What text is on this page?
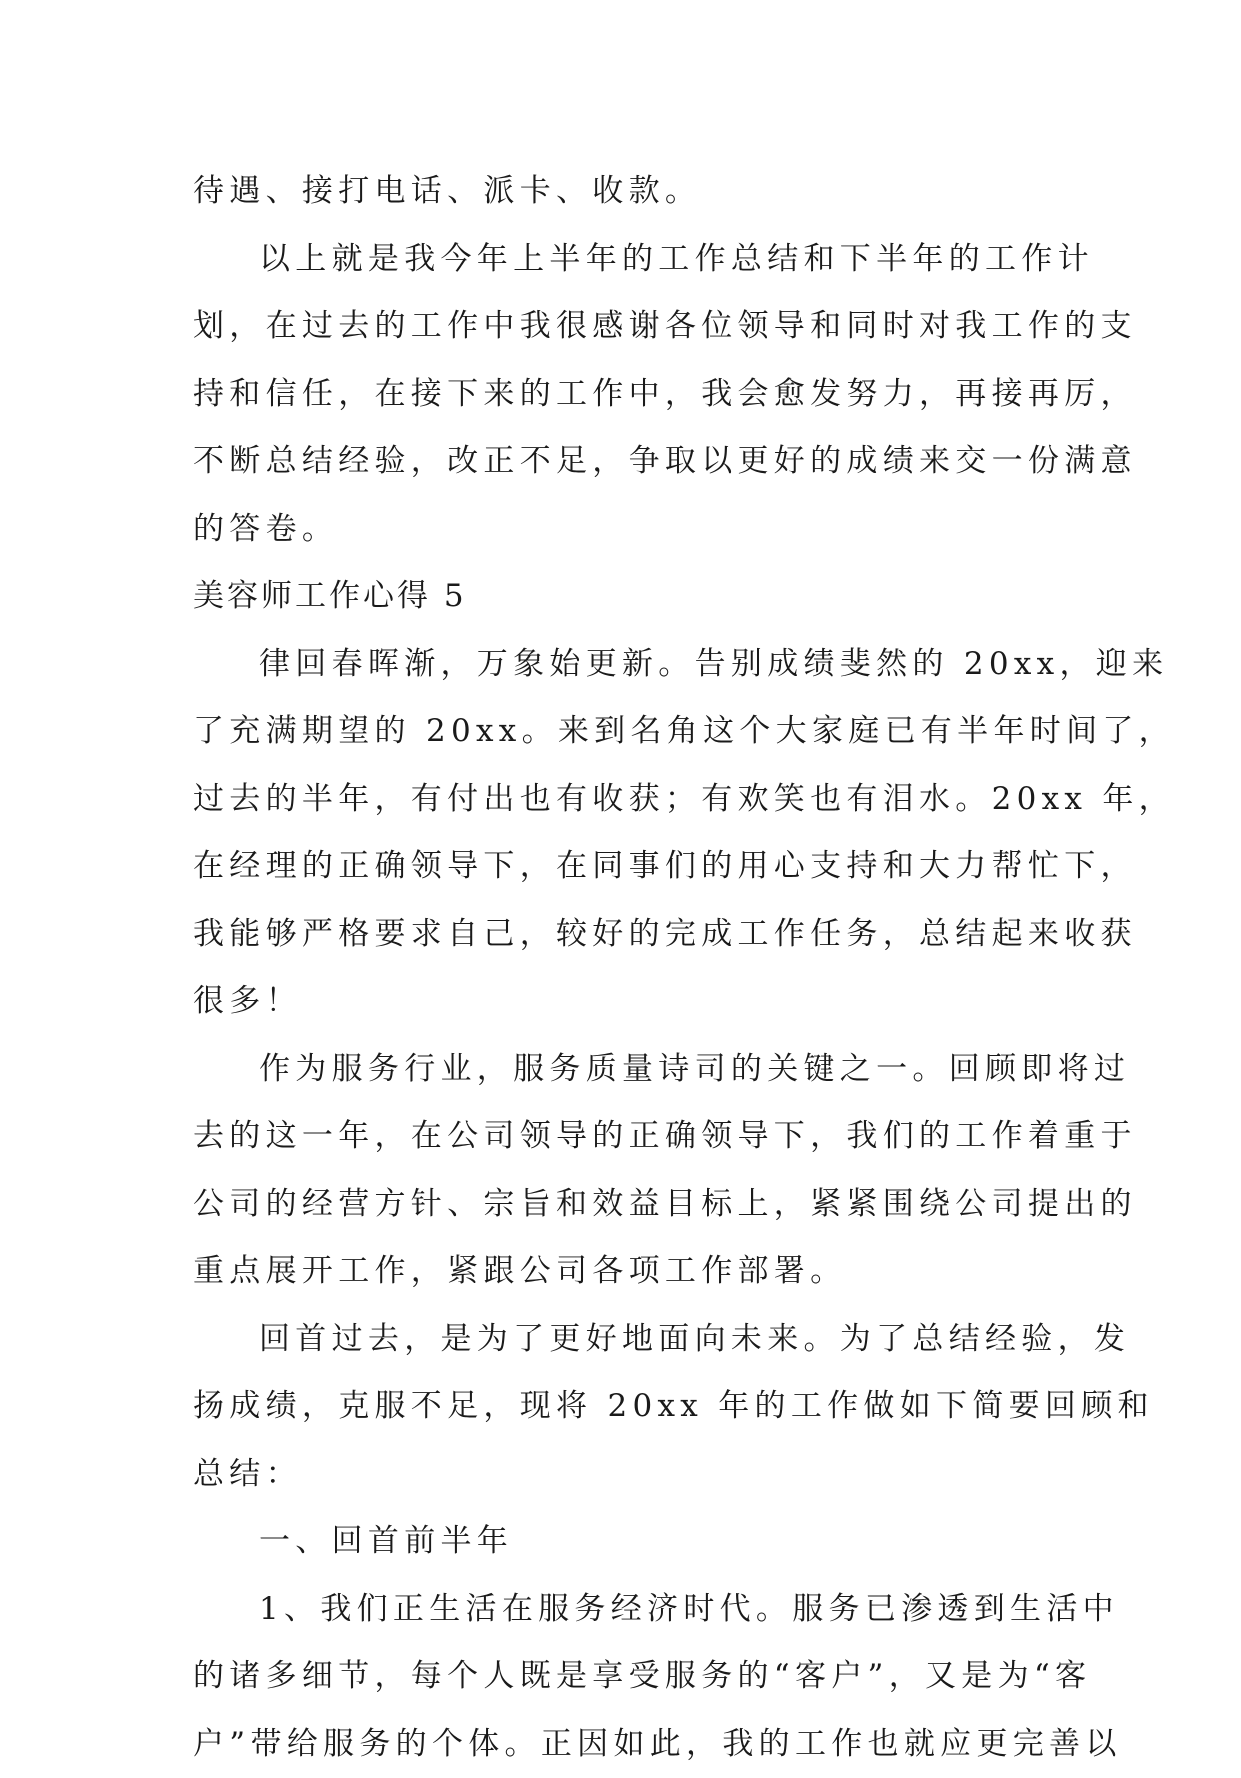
待遇、接打电话、派卡、收款。
以上就是我今年上半年的工作总结和下半年的工作计
划，在过去的工作中我很感谢各位领导和同时对我工作的支
持和信任，在接下来的工作中，我会愈发努力，再接再厉，
不断总结经验，改正不足，争取以更好的成绩来交一份满意
的答卷。
美容师工作心得 5
律回春晖渐，万象始更新。告别成绩斐然的 20xx，迎来
了充满期望的 20xx。来到名角这个大家庭已有半年时间了，
过去的半年，有付出也有收获；有欢笑也有泪水。20xx 年，
在经理的正确领导下，在同事们的用心支持和大力帮忙下，
我能够严格要求自己，较好的完成工作任务，总结起来收获
很多！
作为服务行业，服务质量诗司的关键之一。回顾即将过
去的这一年，在公司领导的正确领导下，我们的工作着重于
公司的经营方针、宗旨和效益目标上，紧紧围绕公司提出的
重点展开工作，紧跟公司各项工作部署。
回首过去，是为了更好地面向未来。为了总结经验，发
扬成绩，克服不足，现将 20xx 年的工作做如下简要回顾和
总结：
一、回首前半年
1、我们正生活在服务经济时代。服务已渗透到生活中
的诸多细节，每个人既是享受服务的“客户”，又是为“客
户”带给服务的个体。正因如此，我的工作也就应更完善以
